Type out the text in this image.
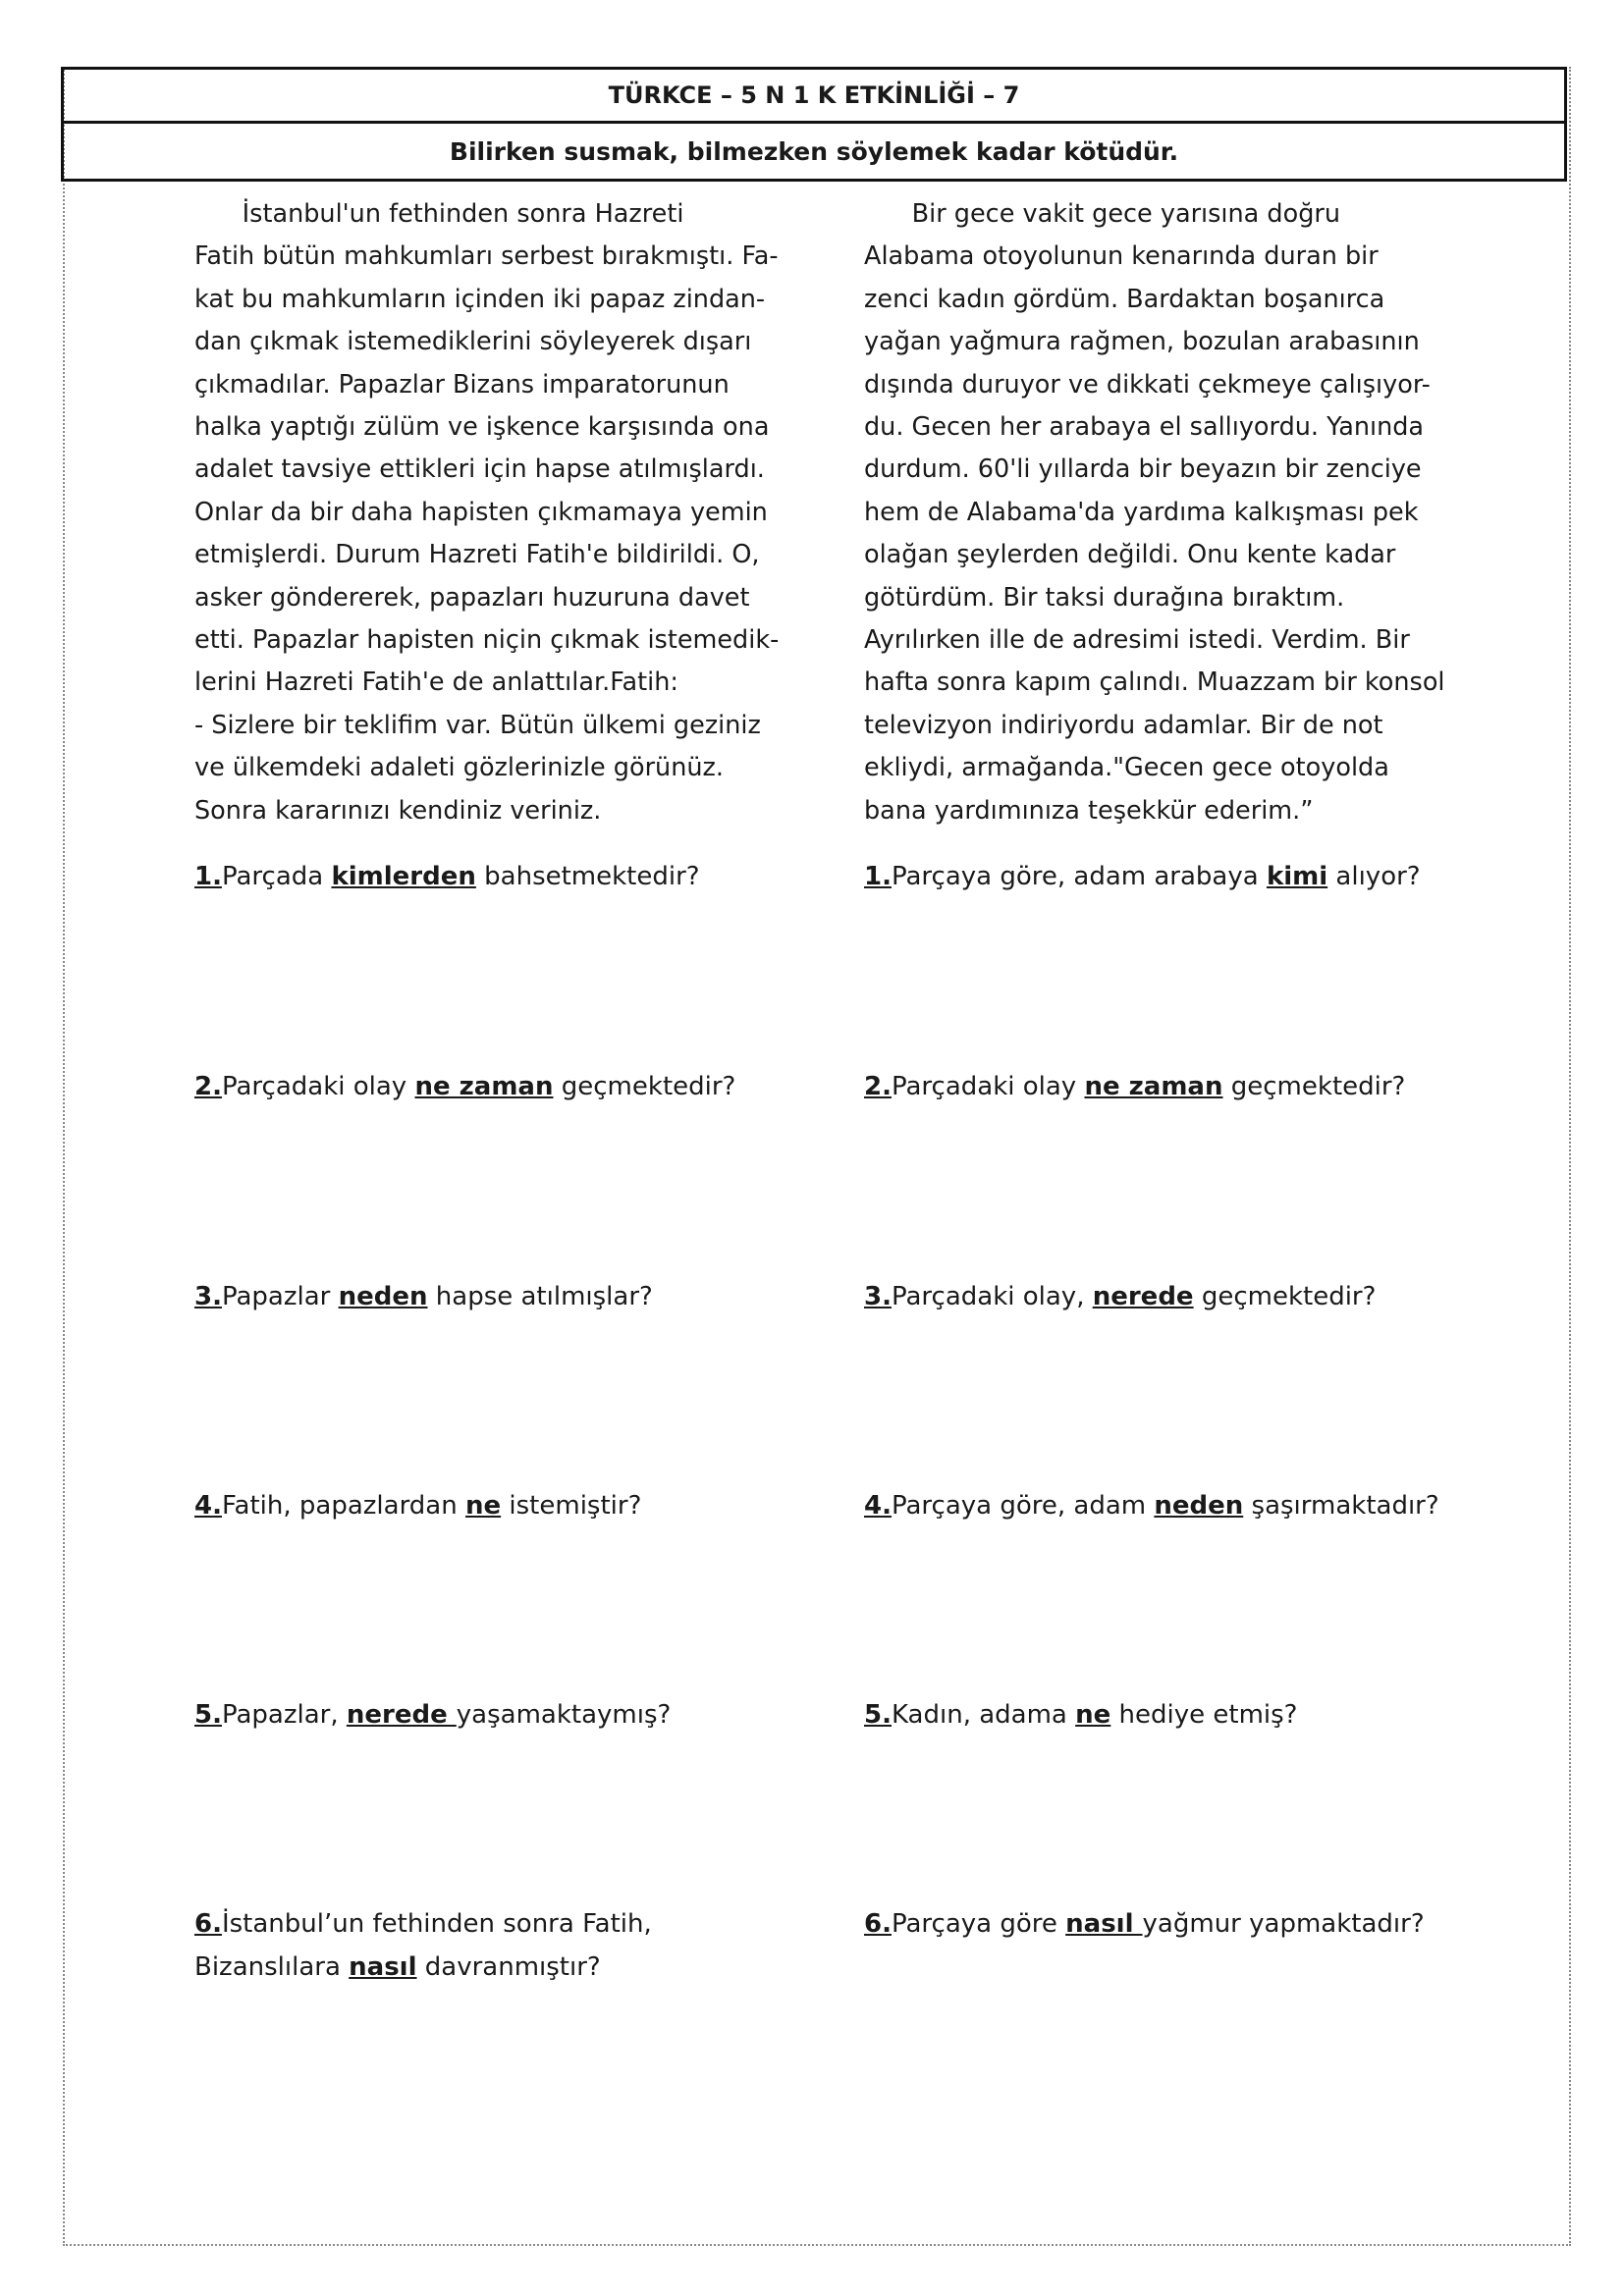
TÜRKCE – 5 N 1 K ETKİNLİĞİ – 7
Bilirken susmak, bilmezken söylemek kadar kötüdür.
İstanbul'un fethinden sonra Hazreti
Fatih bütün mahkumları serbest bırakmıştı. Fa-
kat bu mahkumların içinden iki papaz zindan-
dan çıkmak istemediklerini söyleyerek dışarı
çıkmadılar. Papazlar Bizans imparatorunun
halka yaptığı zülüm ve işkence karşısında ona
adalet tavsiye ettikleri için hapse atılmışlardı.
Onlar da bir daha hapisten çıkmamaya yemin
etmişlerdi. Durum Hazreti Fatih'e bildirildi. O,
asker göndererek, papazları huzuruna davet
etti. Papazlar hapisten niçin çıkmak istemedik-
lerini Hazreti Fatih'e de anlattılar.Fatih:
- Sizlere bir teklifim var. Bütün ülkemi geziniz
ve ülkemdeki adaleti gözlerinizle görünüz.
Sonra kararınızı kendiniz veriniz.
Bir gece vakit gece yarısına doğru
Alabama otoyolunun kenarında duran bir
zenci kadın gördüm. Bardaktan boşanırca
yağan yağmura rağmen, bozulan arabasının
dışında duruyor ve dikkati çekmeye çalışıyor-
du. Gecen her arabaya el sallıyordu. Yanında
durdum. 60'li yıllarda bir beyazın bir zenciye
hem de Alabama'da yardıma kalkışması pek
olağan şeylerden değildi. Onu kente kadar
götürdüm. Bir taksi durağına bıraktım.
Ayrılırken ille de adresimi istedi. Verdim. Bir
hafta sonra kapım çalındı. Muazzam bir konsol
televizyon indiriyordu adamlar. Bir de not
ekliydi, armağanda."Gecen gece otoyolda
bana yardımınıza teşekkür ederim.”
1.Parçada kimlerden bahsetmektedir?
2.Parçadaki olay ne zaman geçmektedir?
3.Papazlar neden hapse atılmışlar?
4.Fatih, papazlardan ne istemiştir?
5.Papazlar, nerede yaşamaktaymış?
6.İstanbul’un fethinden sonra Fatih,
Bizanslılara nasıl davranmıştır?
1.Parçaya göre, adam arabaya kimi alıyor?
2.Parçadaki olay ne zaman geçmektedir?
3.Parçadaki olay, nerede geçmektedir?
4.Parçaya göre, adam neden şaşırmaktadır?
5.Kadın, adama ne hediye etmiş?
6.Parçaya göre nasıl yağmur yapmaktadır?
